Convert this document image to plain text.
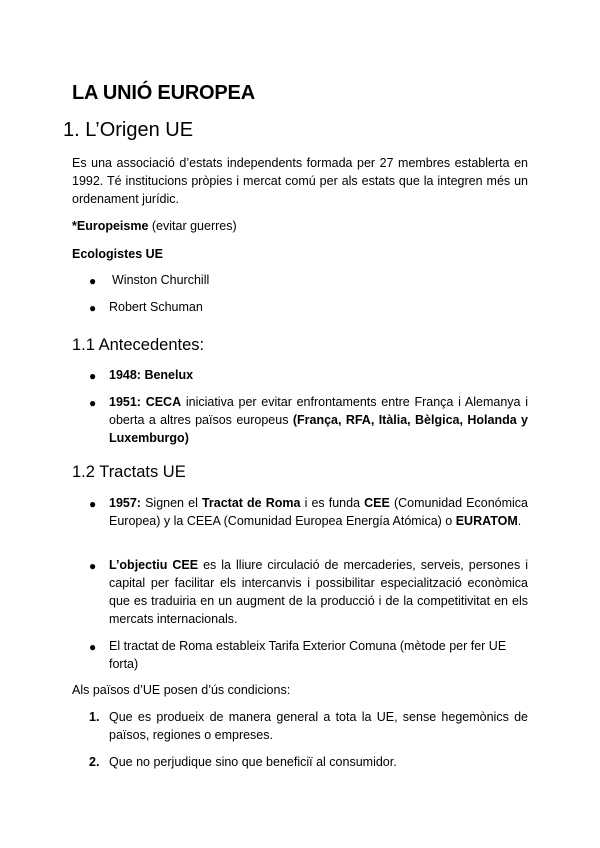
LA UNIÓ EUROPEA
1. L’Origen UE

Es una associació d’estats independents formada per 27 membres establerta en 1992. Té institucions pròpies i mercat comú per als estats que la integren més un ordenament jurídic.

*Europeisme (evitar guerres)

Ecologistes UE

● Winston Churchill
● Robert Schuman
1.1 Antecedentes:
● 1948: Benelux
● 1951: CECA iniciativa per evitar enfrontaments entre França i Alemanya i oberta a altres països europeus (França, RFA, Itàlia, Bèlgica, Holanda y Luxemburgo)

1.2 Tractats UE
● 1957: Signen el Tractat de Roma i es funda CEE (Comunidad Económica Europea) y la CEEA (Comunidad Europea Energía Atómica) o EURATOM.

● L’objectiu CEE es la lliure circulació de mercaderies, serveis, persones i capital per facilitar els intercanvis i possibilitar especialització econòmica que es traduiria en un augment de la producció i de la competitivitat en els mercats internacionals.

● El tractat de Roma estableix Tarifa Exterior Comuna (mètode per fer UE forta)

Als països d’UE posen d’ús condicions:

1. Que es produeix de manera general a tota la UE, sense hegemònics de països, regiones o empreses.

2. Que no perjudique sino que beneficiï al consumidor.
